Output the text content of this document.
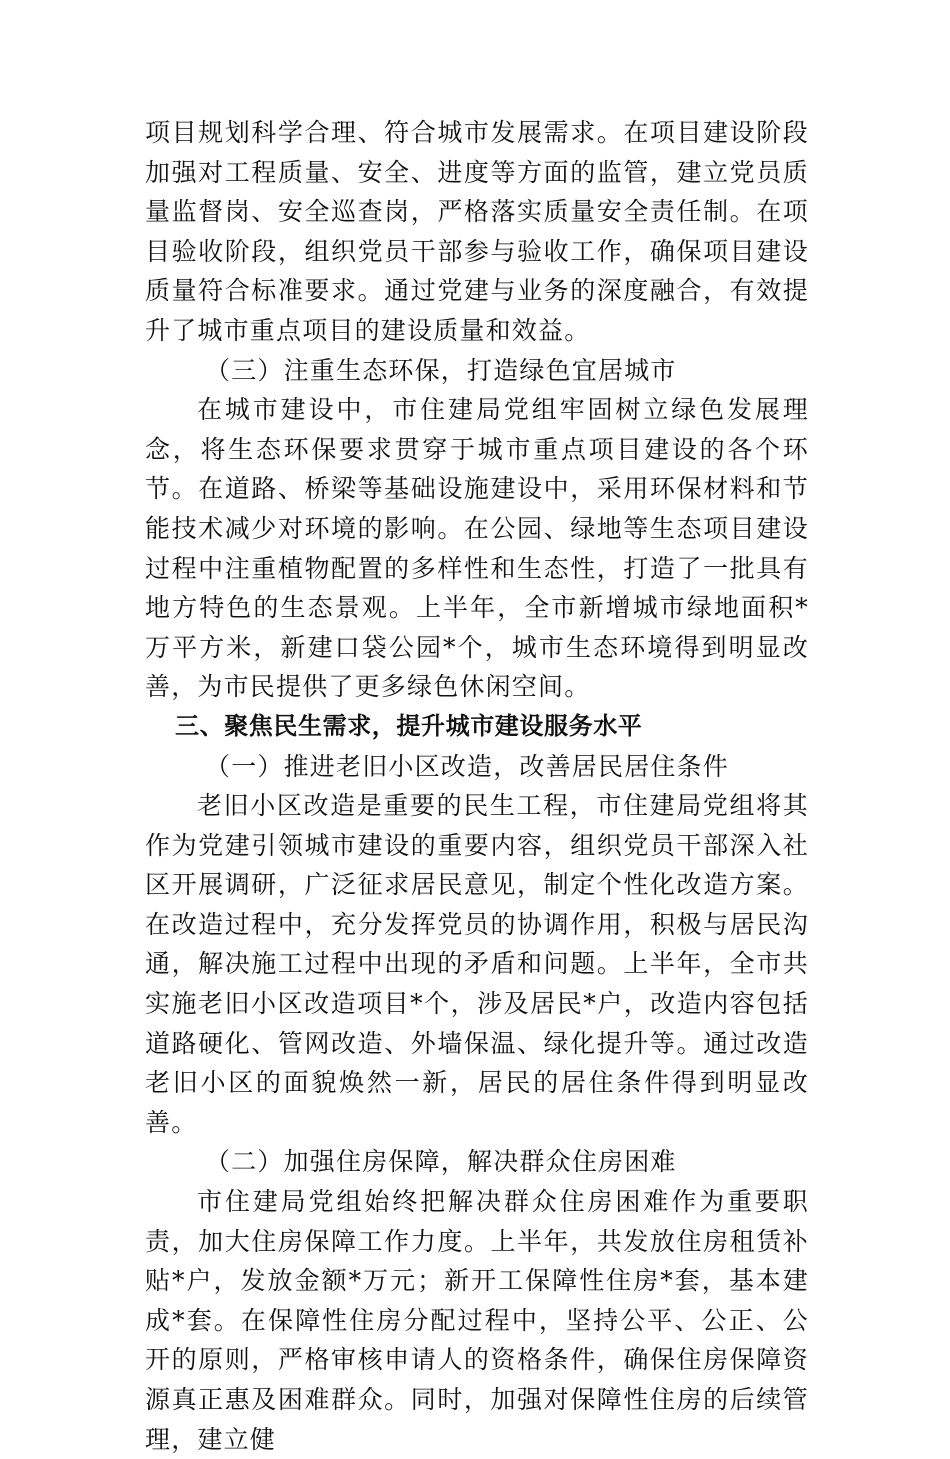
项目规划科学合理、符合城市发展需求。在项目建设阶段加强对工程质量、安全、进度等方面的监管，建立党员质量监督岗、安全巡查岗，严格落实质量安全责任制。在项目验收阶段，组织党员干部参与验收工作，确保项目建设质量符合标准要求。通过党建与业务的深度融合，有效提升了城市重点项目的建设质量和效益。

（三）注重生态环保，打造绿色宜居城市

在城市建设中，市住建局党组牢固树立绿色发展理念，将生态环保要求贯穿于城市重点项目建设的各个环节。在道路、桥梁等基础设施建设中，采用环保材料和节能技术减少对环境的影响。在公园、绿地等生态项目建设过程中注重植物配置的多样性和生态性，打造了一批具有地方特色的生态景观。上半年，全市新增城市绿地面积*万平方米，新建口袋公园*个，城市生态环境得到明显改善，为市民提供了更多绿色休闲空间。

三、聚焦民生需求，提升城市建设服务水平

（一）推进老旧小区改造，改善居民居住条件

老旧小区改造是重要的民生工程，市住建局党组将其作为党建引领城市建设的重要内容，组织党员干部深入社区开展调研，广泛征求居民意见，制定个性化改造方案。在改造过程中，充分发挥党员的协调作用，积极与居民沟通，解决施工过程中出现的矛盾和问题。上半年，全市共实施老旧小区改造项目*个，涉及居民*户，改造内容包括道路硬化、管网改造、外墙保温、绿化提升等。通过改造老旧小区的面貌焕然一新，居民的居住条件得到明显改善。

（二）加强住房保障，解决群众住房困难

市住建局党组始终把解决群众住房困难作为重要职责，加大住房保障工作力度。上半年，共发放住房租赁补贴*户，发放金额*万元；新开工保障性住房*套，基本建成*套。在保障性住房分配过程中，坚持公平、公正、公开的原则，严格审核申请人的资格条件，确保住房保障资源真正惠及困难群众。同时，加强对保障性住房的后续管理，建立健
